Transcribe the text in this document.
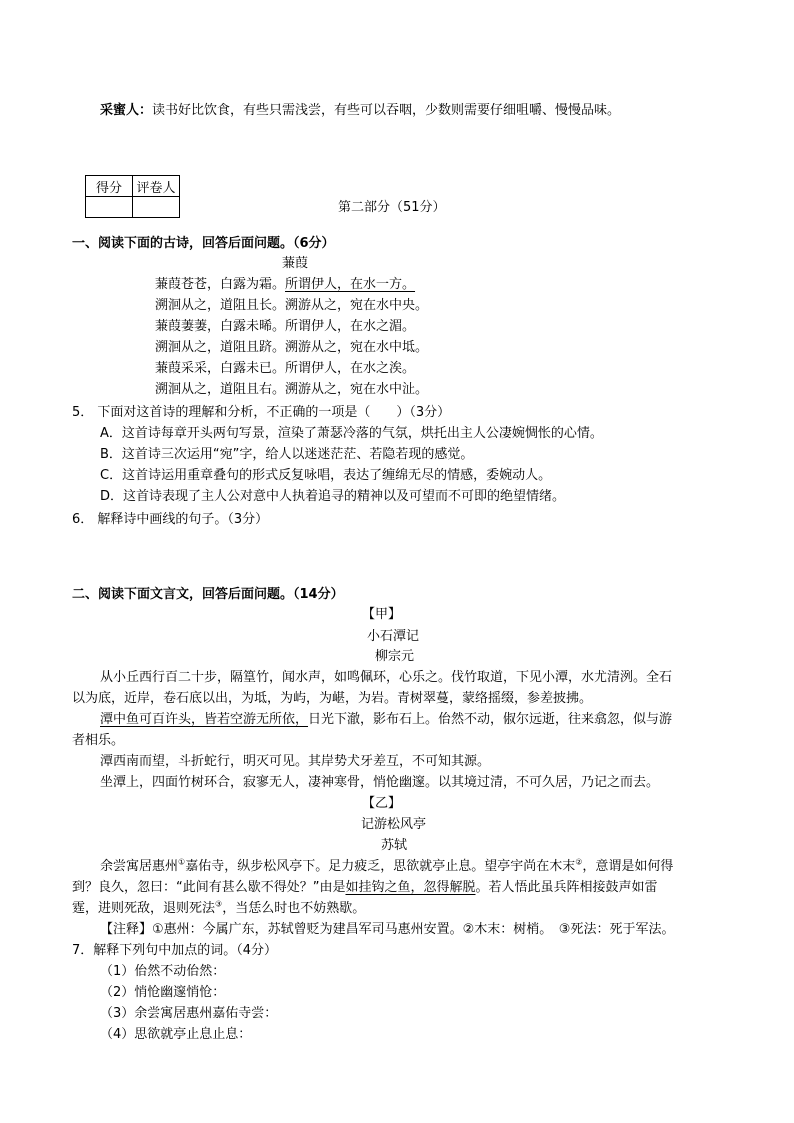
采蜜人：读书好比饮食，有些只需浅尝，有些可以吞咽，少数则需要仔细咀嚼、慢慢品味。
得分	评卷人

第二部分（51分）
一、阅读下面的古诗，回答后面问题。（6分）
蒹葭
蒹葭苍苍，白露为霜。所谓伊人，在水一方。
溯洄从之，道阻且长。溯游从之，宛在水中央。
蒹葭萋萋，白露未晞。所谓伊人，在水之湄。
溯洄从之，道阻且跻。溯游从之，宛在水中坻。
蒹葭采采，白露未已。所谓伊人，在水之涘。
溯洄从之，道阻且右。溯游从之，宛在水中沚。
5． 下面对这首诗的理解和分析，不正确的一项是（　　）（3分）
A．这首诗每章开头两句写景，渲染了萧瑟冷落的气氛，烘托出主人公凄婉惆怅的心情。
B．这首诗三次运用“宛”字，给人以迷迷茫茫、若隐若现的感觉。
C．这首诗运用重章叠句的形式反复咏唱，表达了缠绵无尽的情感，委婉动人。
D．这首诗表现了主人公对意中人执着追寻的精神以及可望而不可即的绝望情绪。
6． 解释诗中画线的句子。（3分）
二、阅读下面文言文，回答后面问题。（14分）
【甲】
小石潭记
柳宗元
从小丘西行百二十步，隔篁竹，闻水声，如鸣佩环，心乐之。伐竹取道，下见小潭，水尤清洌。全石
以为底，近岸，卷石底以出，为坻，为屿，为嵁，为岩。青树翠蔓，蒙络摇缀，参差披拂。
潭中鱼可百许头，皆若空游无所依，日光下澈，影布石上。佁然不动，俶尔远逝，往来翕忽，似与游
者相乐。
潭西南而望，斗折蛇行，明灭可见。其岸势犬牙差互，不可知其源。
坐潭上，四面竹树环合，寂寥无人，凄神寒骨，悄怆幽邃。以其境过清，不可久居，乃记之而去。
【乙】
记游松风亭
苏轼
余尝寓居惠州①嘉佑寺，纵步松风亭下。足力疲乏，思欲就亭止息。望亭宇尚在木末②，意谓是如何得
到？良久，忽曰：“此间有甚么歇不得处？”由是如挂钩之鱼，忽得解脱。若人悟此虽兵阵相接鼓声如雷
霆，进则死敌，退则死法③，当恁么时也不妨熟歇。
【注释】①惠州：今属广东，苏轼曾贬为建昌军司马惠州安置。②木末：树梢。　③死法：死于军法。
7．解释下列句中加点的词。（4分）
（1）佁然不动佁然：
（2）悄怆幽邃悄怆：
（3）余尝寓居惠州嘉佑寺尝：
（4）思欲就亭止息止息：
